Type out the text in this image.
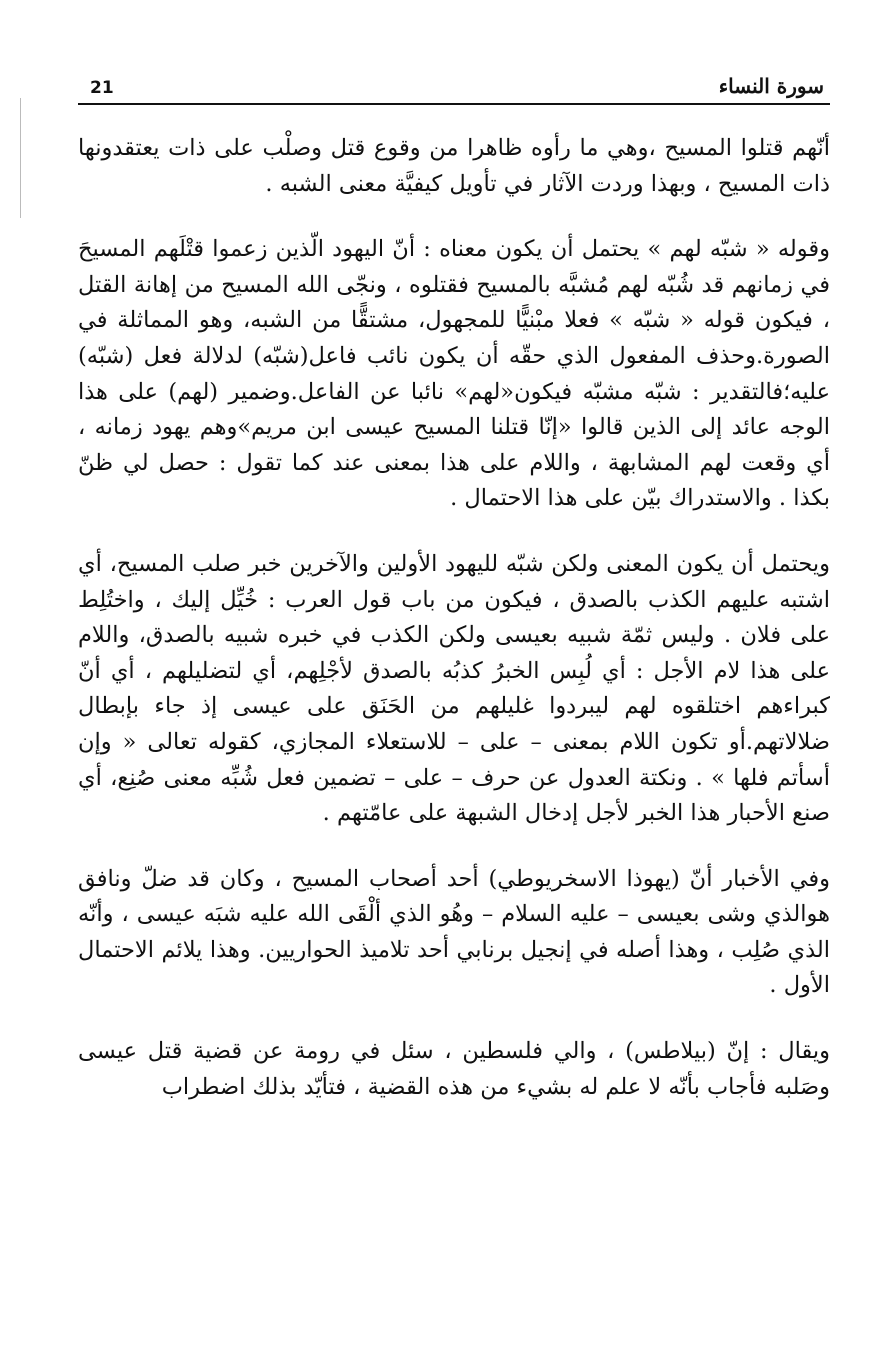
21	سورة النساء

أنّهم قتلوا المسيح ،وهي ما رأوه ظاهرا من وقوع قتل وصلْب على ذات يعتقدونها ذات المسيح ، وبهذا وردت الآثار في تأويل كيفيَّة معنى الشبه .

وقوله « شبّه لهم » يحتمل أن يكون معناه : أنّ اليهود الّذين زعموا قتْلَهم المسيحَ في زمانهم قد شُبّه لهم مُشبَّه بالمسيح فقتلوه ، ونجّى الله المسيح من إهانة القتل ، فيكون قوله « شبّه » فعلا مبْنيًّا للمجهول، مشتقًّا من الشبه، وهو المماثلة في الصورة.وحذف المفعول الذي حقّه أن يكون نائب فاعل(شبّه) لدلالة فعل (شبّه) عليه؛فالتقدير : شبّه مشبّه فيكون«لهم» نائبا عن الفاعل.وضمير (لهم) على هذا الوجه عائد إلى الذين قالوا «إنّا قتلنا المسيح عيسى ابن مريم»وهم يهود زمانه ، أي وقعت لهم المشابهة ، واللام على هذا بمعنى عند كما تقول : حصل لي ظنّ بكذا . والاستدراك بيّن على هذا الاحتمال .

ويحتمل أن يكون المعنى ولكن شبّه لليهود الأولين والآخرين خبر صلب المسيح، أي اشتبه عليهم الكذب بالصدق ، فيكون من باب قول العرب : خُيِّل إليك ، واختُلِط على فلان . وليس ثمّة شبيه بعيسى ولكن الكذب في خبره شبيه بالصدق، واللام على هذا لام الأجل : أي لُبِس الخبرُ كذبُه بالصدق لأجْلِهم، أي لتضليلهم ، أي أنّ كبراءهم اختلقوه لهم ليبردوا غليلهم من الحَنَق على عيسى إذ جاء بإبطال ضلالاتهم.أو تكون اللام بمعنى – على – للاستعلاء المجازي، كقوله تعالى « وإن أسأتم فلها » . ونكتة العدول عن حرف – على – تضمين فعل شُبِّه معنى صُنِع، أي صنع الأحبار هذا الخبر لأجل إدخال الشبهة على عامّتهم .

وفي الأخبار أنّ (يهوذا الاسخريوطي) أحد أصحاب المسيح ، وكان قد ضلّ ونافق هوالذي وشى بعيسى – عليه السلام – وهُو الذي ألْقَى الله عليه شبَه عيسى ، وأنّه الذي صُلِب ، وهذا أصله في إنجيل برنابي أحد تلاميذ الحواريين. وهذا يلائم الاحتمال الأول .

ويقال : إنّ (بيلاطس) ، والي فلسطين ، سئل في رومة عن قضية قتل عيسى وصَلبه فأجاب بأنّه لا علم له بشيء من هذه القضية ، فتأيّد بذلك اضطراب
